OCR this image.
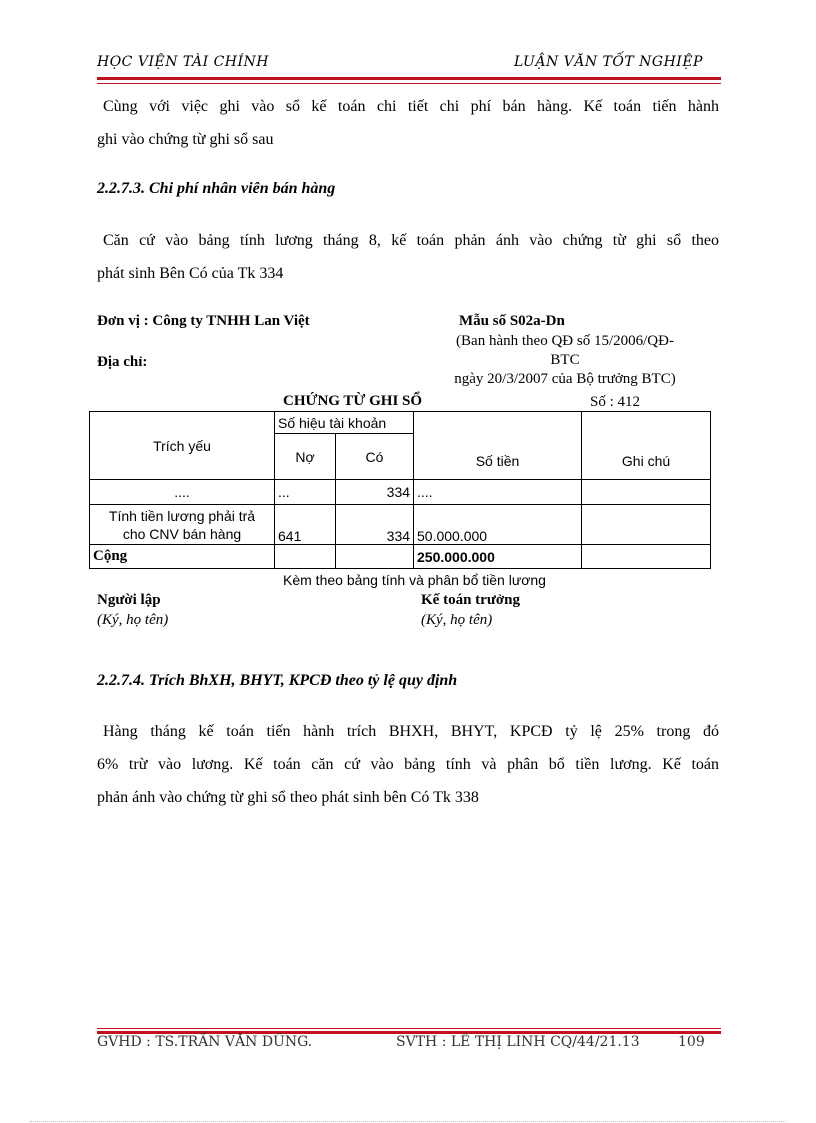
HỌC VIỆN TÀI CHÍNH	LUẬN VĂN TỐT NGHIỆP
Cùng với việc ghi vào sổ kế toán chi tiết chi phí bán hàng. Kế toán tiến hành
ghi vào chứng từ ghi sổ sau
2.2.7.3. Chi phí nhân viên bán hàng
Căn cứ vào bảng tính lương tháng 8, kế toán phản ánh vào chứng từ ghi sổ theo
phát sinh Bên Có của Tk 334
Đơn vị : Công ty TNHH Lan Việt
Địa chỉ:
Mẫu số S02a-Dn
(Ban hành theo QĐ số 15/2006/QĐ-
BTC
ngày 20/3/2007 của Bộ trưởng BTC)
CHỨNG TỪ GHI SỔ	Số : 412
Trích yếu	Số hiệu tài khoản		Số tiền	Ghi chú
	Nợ	Có		
....	...	334	....	

Tính tiền lương phải trả
cho CNV bán hàng	641	334	50.000.000	
Cộng			250.000.000	
Kèm theo bảng tính và phân bổ tiền lương
Người lập
(Ký, họ tên)
Kế toán trưởng
(Ký, họ tên)
2.2.7.4. Trích BhXH, BHYT, KPCĐ theo tỷ lệ quy định
Hàng tháng kế toán tiến hành trích BHXH, BHYT, KPCĐ tỷ lệ 25% trong đó
6% trừ vào lương. Kế toán căn cứ vào bảng tính và phân bổ tiền lương. Kế toán
phản ánh vào chứng từ ghi sổ theo phát sinh bên Có Tk 338
GVHD : TS.TRẦN VĂN DŨNG.	SVTH : LÊ THỊ LINH CQ/44/21.13	109
